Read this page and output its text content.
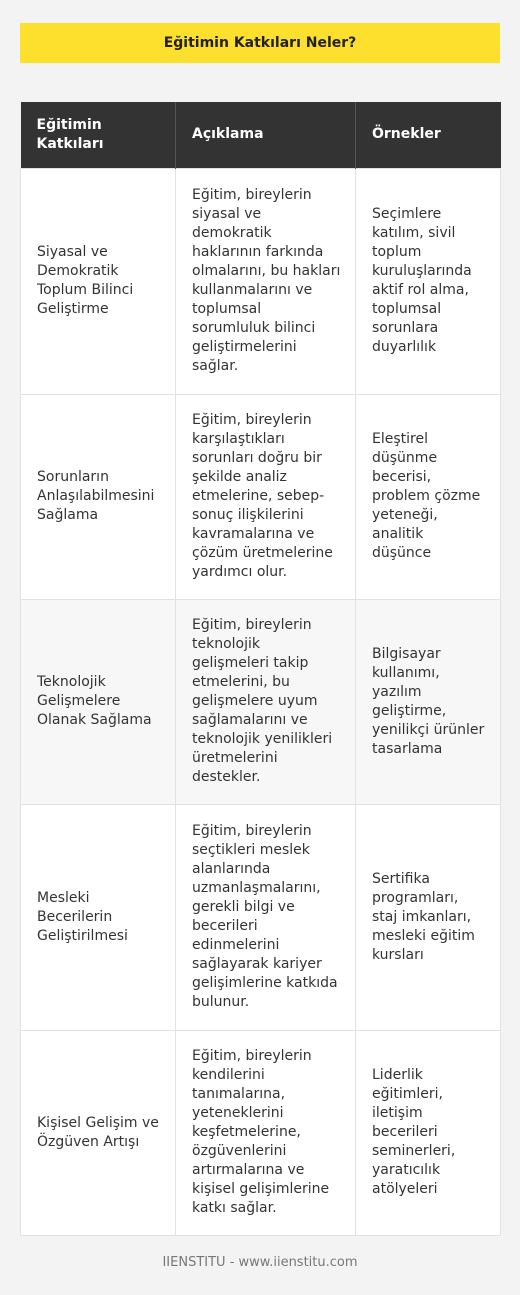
Eğitimin Katkıları Neler?
Eğitimin Katkıları	Açıklama	Örnekler
Siyasal ve Demokratik Toplum Bilinci Geliştirme	Eğitim, bireylerin siyasal ve demokratik haklarının farkında olmalarını, bu hakları kullanmalarını ve toplumsal sorumluluk bilinci geliştirmelerini sağlar.	Seçimlere katılım, sivil toplum kuruluşlarında aktif rol alma, toplumsal sorunlara duyarlılık
Sorunların Anlaşılabilmesini Sağlama	Eğitim, bireylerin karşılaştıkları sorunları doğru bir şekilde analiz etmelerine, sebep-sonuç ilişkilerini kavramalarına ve çözüm üretmelerine yardımcı olur.	Eleştirel düşünme becerisi, problem çözme yeteneği, analitik düşünce
Teknolojik Gelişmelere Olanak Sağlama	Eğitim, bireylerin teknolojik gelişmeleri takip etmelerini, bu gelişmelere uyum sağlamalarını ve teknolojik yenilikleri üretmelerini destekler.	Bilgisayar kullanımı, yazılım geliştirme, yenilikçi ürünler tasarlama
Mesleki Becerilerin Geliştirilmesi	Eğitim, bireylerin seçtikleri meslek alanlarında uzmanlaşmalarını, gerekli bilgi ve becerileri edinmelerini sağlayarak kariyer gelişimlerine katkıda bulunur.	Sertifika programları, staj imkanları, mesleki eğitim kursları
Kişisel Gelişim ve Özgüven Artışı	Eğitim, bireylerin kendilerini tanımalarına, yeteneklerini keşfetmelerine, özgüvenlerini artırmalarına ve kişisel gelişimlerine katkı sağlar.	Liderlik eğitimleri, iletişim becerileri seminerleri, yaratıcılık atölyeleri
IIENSTITU - www.iienstitu.com
